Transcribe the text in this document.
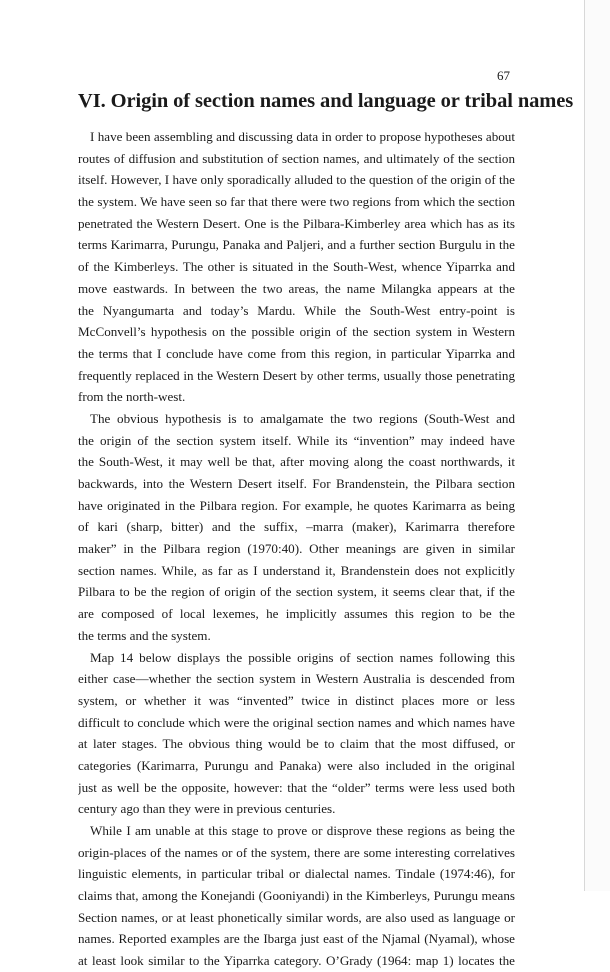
67
VI. Origin of section names and language or tribal names
I have been assembling and discussing data in order to propose hypotheses about
routes of diffusion and substitution of section names, and ultimately of the section
itself. However, I have only sporadically alluded to the question of the origin of the
the system. We have seen so far that there were two regions from which the section
penetrated the Western Desert. One is the Pilbara-Kimberley area which has as its
terms Karimarra, Purungu, Panaka and Paljeri, and a further section Burgulu in the
of the Kimberleys. The other is situated in the South-West, whence Yiparrka and
move eastwards. In between the two areas, the name Milangka appears at the
the Nyangumarta and today’s Mardu. While the South-West entry-point is
McConvell’s hypothesis on the possible origin of the section system in Western
the terms that I conclude have come from this region, in particular Yiparrka and
frequently replaced in the Western Desert by other terms, usually those penetrating
from the north-west.
The obvious hypothesis is to amalgamate the two regions (South-West and
the origin of the section system itself. While its “invention” may indeed have
the South-West, it may well be that, after moving along the coast northwards, it
backwards, into the Western Desert itself. For Brandenstein, the Pilbara section
have originated in the Pilbara region. For example, he quotes Karimarra as being
of kari (sharp, bitter) and the suffix, –marra (maker), Karimarra therefore
maker” in the Pilbara region (1970:40). Other meanings are given in similar
section names. While, as far as I understand it, Brandenstein does not explicitly
Pilbara to be the region of origin of the section system, it seems clear that, if the
are composed of local lexemes, he implicitly assumes this region to be the
the terms and the system.
Map 14 below displays the possible origins of section names following this
either case—whether the section system in Western Australia is descended from
system, or whether it was “invented” twice in distinct places more or less
difficult to conclude which were the original section names and which names have
at later stages. The obvious thing would be to claim that the most diffused, or
categories (Karimarra, Purungu and Panaka) were also included in the original
just as well be the opposite, however: that the “older” terms were less used both
century ago than they were in previous centuries.
While I am unable at this stage to prove or disprove these regions as being the
origin-places of the names or of the system, there are some interesting correlatives
linguistic elements, in particular tribal or dialectal names. Tindale (1974:46), for
claims that, among the Konejandi (Gooniyandi) in the Kimberleys, Purungu means
Section names, or at least phonetically similar words, are also used as language or
names. Reported examples are the Ibarga just east of the Njamal (Nyamal), whose
at least look similar to the Yiparrka category. O’Grady (1964: map 1) locates the
